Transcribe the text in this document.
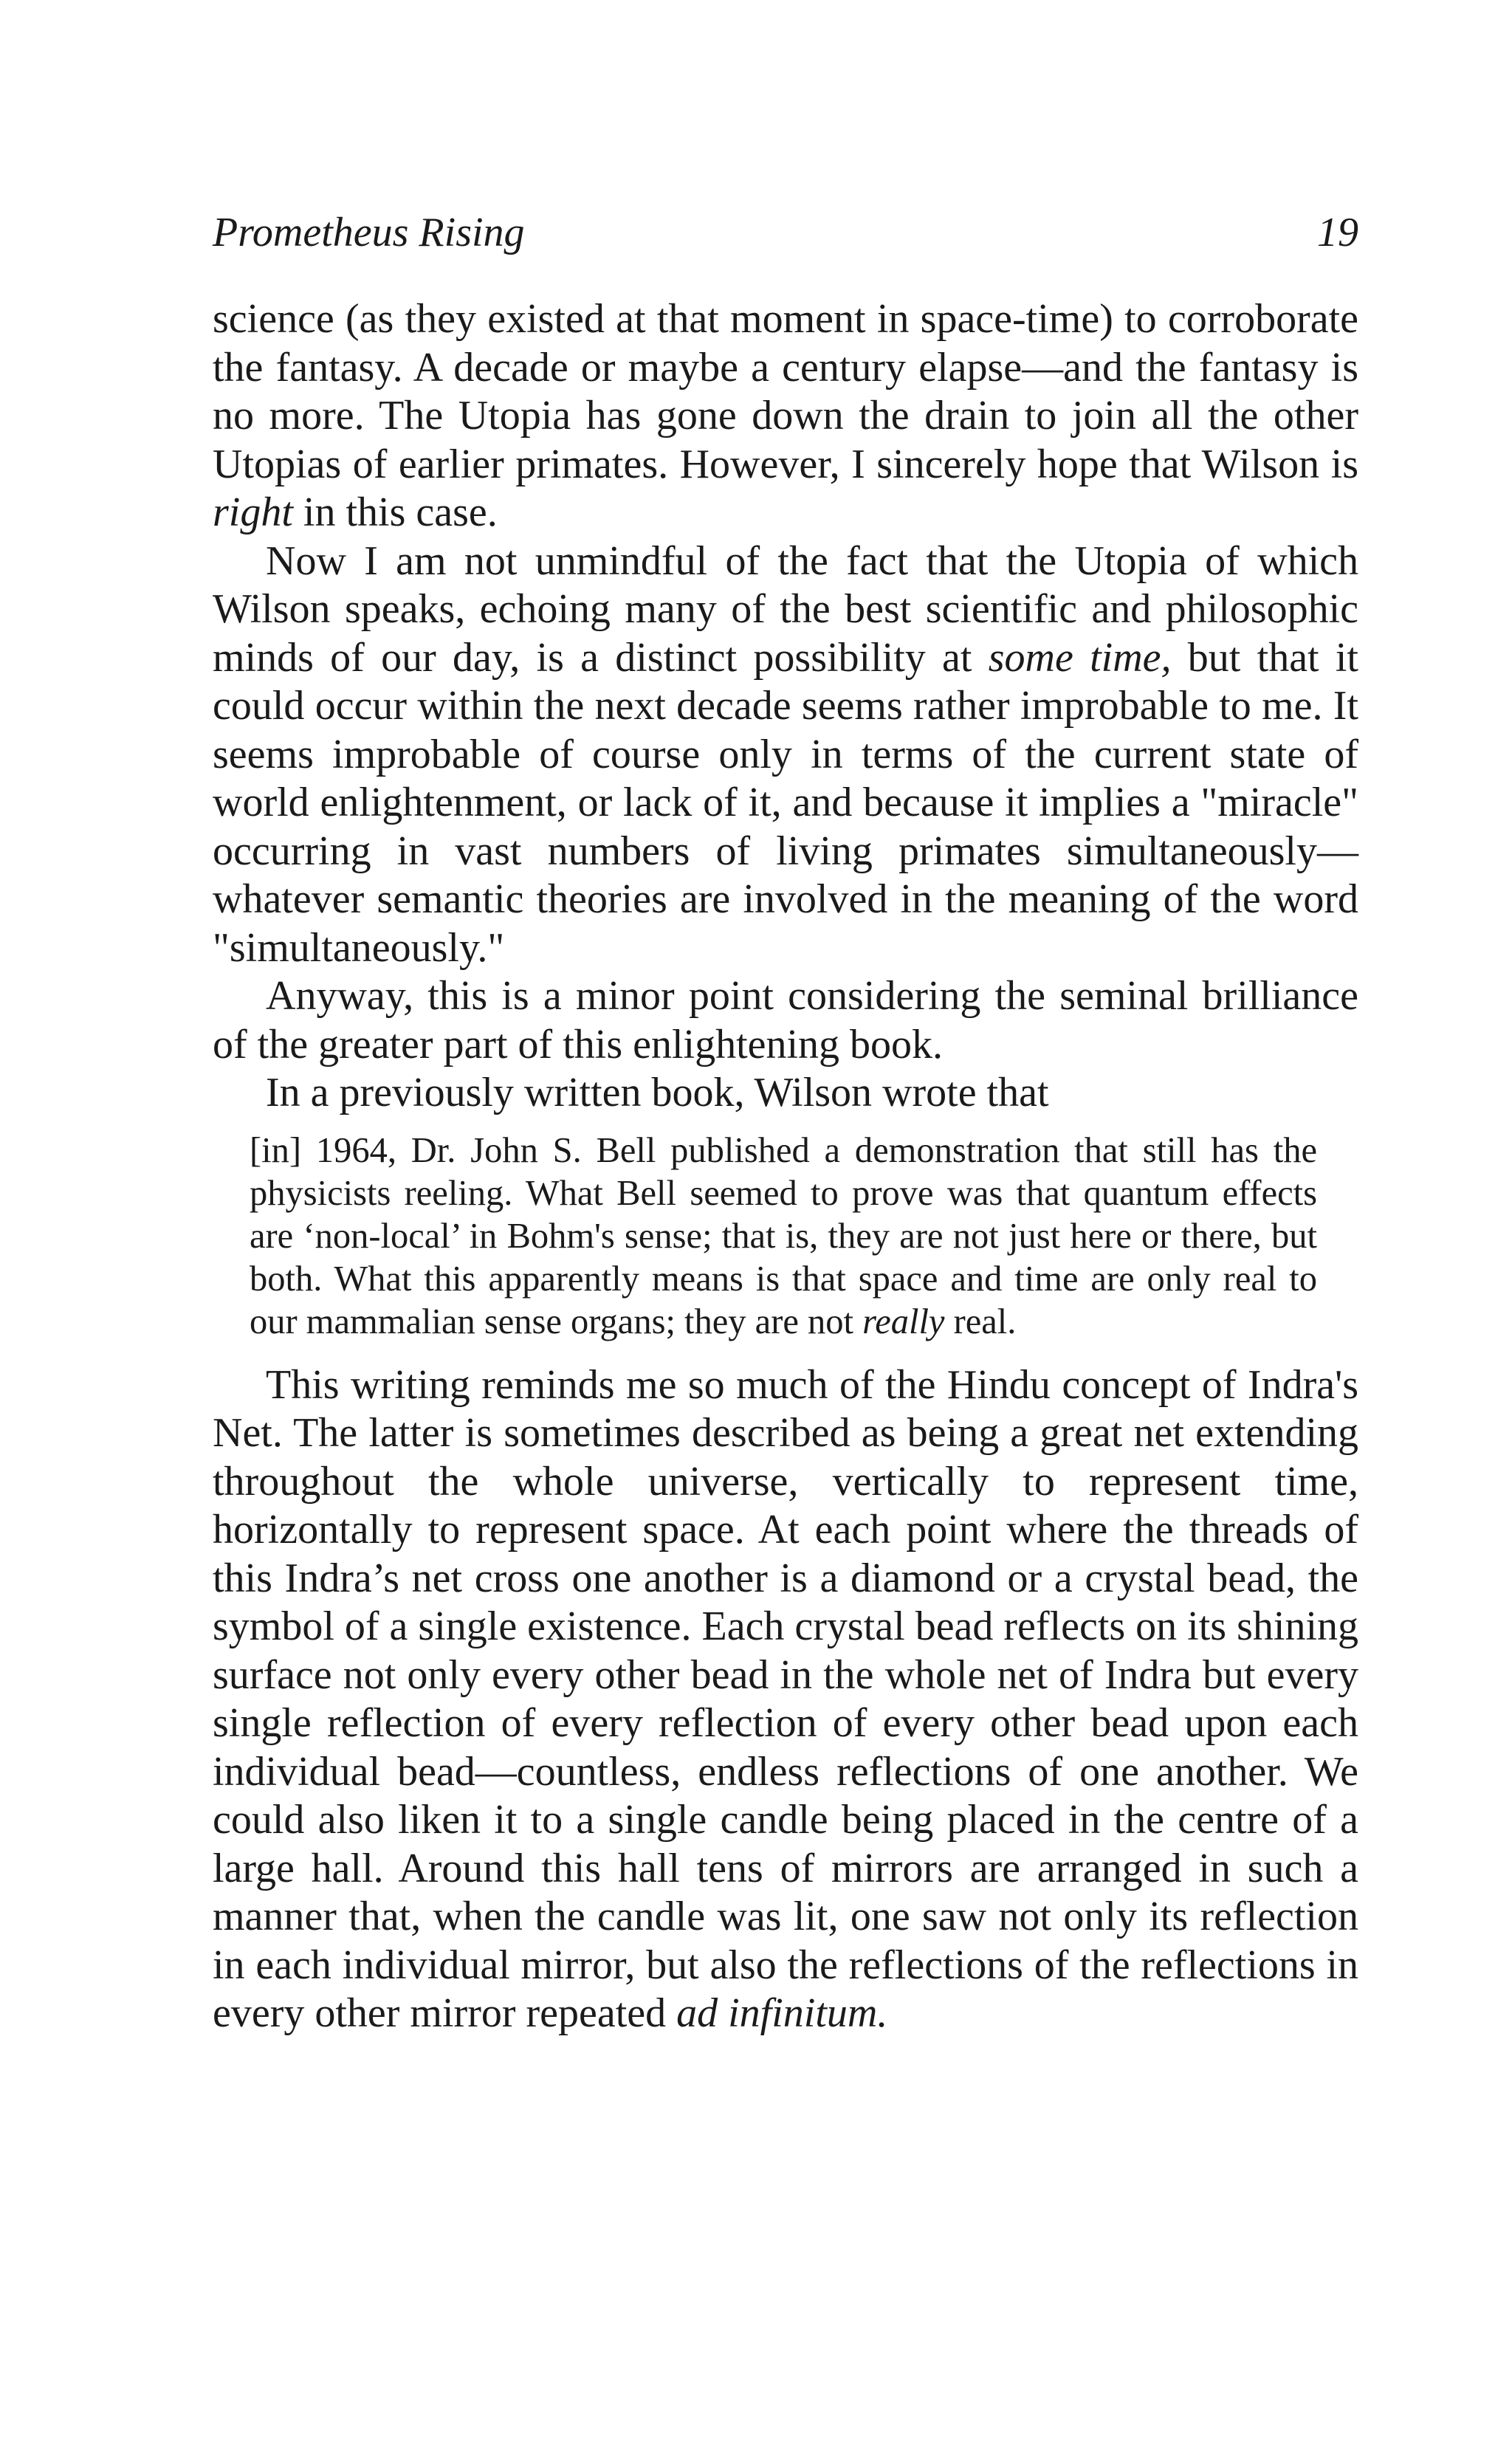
Prometheus Rising	19

science (as they existed at that moment in space-time) to corroborate the fantasy. A decade or maybe a century elapse—and the fantasy is no more. The Utopia has gone down the drain to join all the other Utopias of earlier primates. However, I sincerely hope that Wilson is right in this case.

Now I am not unmindful of the fact that the Utopia of which Wilson speaks, echoing many of the best scientific and philosophic minds of our day, is a distinct possibility at some time, but that it could occur within the next decade seems rather improbable to me. It seems improbable of course only in terms of the current state of world enlightenment, or lack of it, and because it implies a "miracle" occurring in vast numbers of living primates simultaneously—whatever semantic theories are involved in the meaning of the word "simultaneously."

Anyway, this is a minor point considering the seminal brilliance of the greater part of this enlightening book.

In a previously written book, Wilson wrote that

[in] 1964, Dr. John S. Bell published a demonstration that still has the physicists reeling. What Bell seemed to prove was that quantum effects are ‘non-local’ in Bohm's sense; that is, they are not just here or there, but both. What this apparently means is that space and time are only real to our mammalian sense organs; they are not really real.

This writing reminds me so much of the Hindu concept of Indra's Net. The latter is sometimes described as being a great net extending throughout the whole universe, vertically to represent time, horizontally to represent space. At each point where the threads of this Indra’s net cross one another is a diamond or a crystal bead, the symbol of a single existence. Each crystal bead reflects on its shining surface not only every other bead in the whole net of Indra but every single reflection of every reflection of every other bead upon each individual bead—countless, endless reflections of one another. We could also liken it to a single candle being placed in the centre of a large hall. Around this hall tens of mirrors are arranged in such a manner that, when the candle was lit, one saw not only its reflection in each individual mirror, but also the reflections of the reflections in every other mirror repeated ad infinitum.
